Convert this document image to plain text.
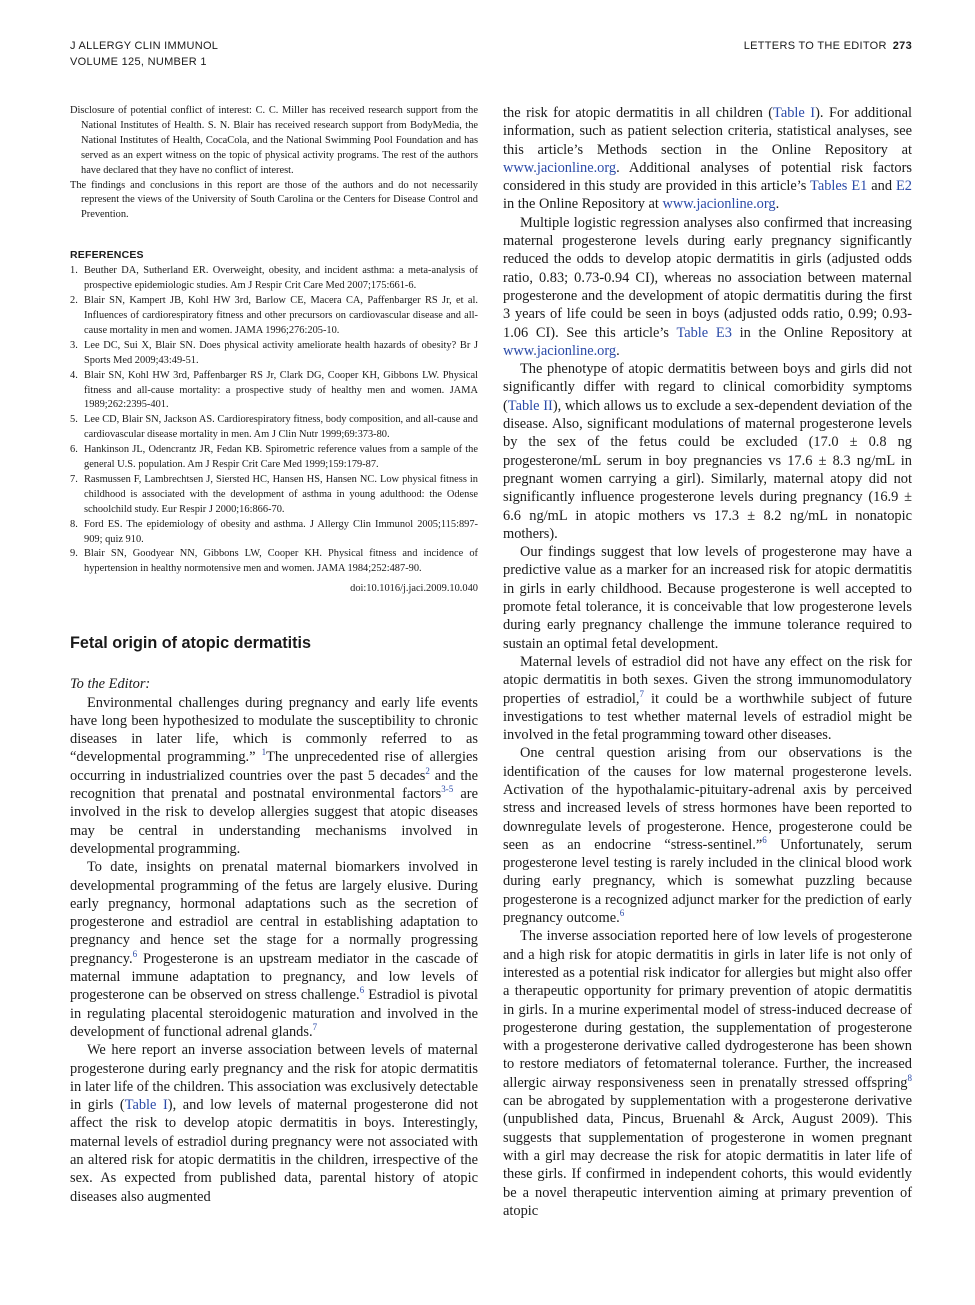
J ALLERGY CLIN IMMUNOL
VOLUME 125, NUMBER 1
LETTERS TO THE EDITOR 273

Disclosure of potential conflict of interest: C. C. Miller has received research support from the National Institutes of Health. S. N. Blair has received research support from BodyMedia, the National Institutes of Health, CocaCola, and the National Swimming Pool Foundation and has served as an expert witness on the topic of physical activity programs. The rest of the authors have declared that they have no conflict of interest.

The findings and conclusions in this report are those of the authors and do not necessarily represent the views of the University of South Carolina or the Centers for Disease Control and Prevention.

REFERENCES
1. Beuther DA, Sutherland ER. Overweight, obesity, and incident asthma: a meta-analysis of prospective epidemiologic studies. Am J Respir Crit Care Med 2007;175:661-6.
2. Blair SN, Kampert JB, Kohl HW 3rd, Barlow CE, Macera CA, Paffenbarger RS Jr, et al. Influences of cardiorespiratory fitness and other precursors on cardiovascular disease and all-cause mortality in men and women. JAMA 1996;276:205-10.
3. Lee DC, Sui X, Blair SN. Does physical activity ameliorate health hazards of obesity? Br J Sports Med 2009;43:49-51.
4. Blair SN, Kohl HW 3rd, Paffenbarger RS Jr, Clark DG, Cooper KH, Gibbons LW. Physical fitness and all-cause mortality: a prospective study of healthy men and women. JAMA 1989;262:2395-401.
5. Lee CD, Blair SN, Jackson AS. Cardiorespiratory fitness, body composition, and all-cause and cardiovascular disease mortality in men. Am J Clin Nutr 1999;69:373-80.
6. Hankinson JL, Odencrantz JR, Fedan KB. Spirometric reference values from a sample of the general U.S. population. Am J Respir Crit Care Med 1999;159:179-87.
7. Rasmussen F, Lambrechtsen J, Siersted HC, Hansen HS, Hansen NC. Low physical fitness in childhood is associated with the development of asthma in young adulthood: the Odense schoolchild study. Eur Respir J 2000;16:866-70.
8. Ford ES. The epidemiology of obesity and asthma. J Allergy Clin Immunol 2005;115:897-909; quiz 910.
9. Blair SN, Goodyear NN, Gibbons LW, Cooper KH. Physical fitness and incidence of hypertension in healthy normotensive men and women. JAMA 1984;252:487-90.
doi:10.1016/j.jaci.2009.10.040
Fetal origin of atopic dermatitis
To the Editor:

Environmental challenges during pregnancy and early life events have long been hypothesized to modulate the susceptibility to chronic diseases in later life, which is commonly referred to as “developmental programming.” $^1$The unprecedented rise of allergies occurring in industrialized countries over the past 5 decades$^2$ and the recognition that prenatal and postnatal environmental factors$^{3-5}$ are involved in the risk to develop allergies suggest that atopic diseases may be central in understanding mechanisms involved in developmental programming.

To date, insights on prenatal maternal biomarkers involved in developmental programming of the fetus are largely elusive. During early pregnancy, hormonal adaptations such as the secretion of progesterone and estradiol are central in establishing adaptation to pregnancy and hence set the stage for a normally progressing pregnancy.$^6$ Progesterone is an upstream mediator in the cascade of maternal immune adaptation to pregnancy, and low levels of progesterone can be observed on stress challenge.$^6$ Estradiol is pivotal in regulating placental steroidogenic maturation and involved in the development of functional adrenal glands.$^7$

We here report an inverse association between levels of maternal progesterone during early pregnancy and the risk for atopic dermatitis in later life of the children. This association was exclusively detectable in girls (Table I), and low levels of maternal progesterone did not affect the risk to develop atopic dermatitis in boys. Interestingly, maternal levels of estradiol during pregnancy were not associated with an altered risk for atopic dermatitis in the children, irrespective of the sex. As expected from published data, parental history of atopic diseases also augmented

the risk for atopic dermatitis in all children (Table I). For additional information, such as patient selection criteria, statistical analyses, see this article’s Methods section in the Online Repository at www.jacionline.org. Additional analyses of potential risk factors considered in this study are provided in this article’s Tables E1 and E2 in the Online Repository at www.jacionline.org.

Multiple logistic regression analyses also confirmed that increasing maternal progesterone levels during early pregnancy significantly reduced the odds to develop atopic dermatitis in girls (adjusted odds ratio, 0.83; 0.73-0.94 CI), whereas no association between maternal progesterone and the development of atopic dermatitis during the first 3 years of life could be seen in boys (adjusted odds ratio, 0.99; 0.93-1.06 CI). See this article’s Table E3 in the Online Repository at www.jacionline.org.

The phenotype of atopic dermatitis between boys and girls did not significantly differ with regard to clinical comorbidity symptoms (Table II), which allows us to exclude a sex-dependent deviation of the disease. Also, significant modulations of maternal progesterone levels by the sex of the fetus could be excluded (17.0 ± 0.8 ng progesterone/mL serum in boy pregnancies vs 17.6 ± 8.3 ng/mL in pregnant women carrying a girl). Similarly, maternal atopy did not significantly influence progesterone levels during pregnancy (16.9 ± 6.6 ng/mL in atopic mothers vs 17.3 ± 8.2 ng/mL in nonatopic mothers).

Our findings suggest that low levels of progesterone may have a predictive value as a marker for an increased risk for atopic dermatitis in girls in early childhood. Because progesterone is well accepted to promote fetal tolerance, it is conceivable that low progesterone levels during early pregnancy challenge the immune tolerance required to sustain an optimal fetal development.

Maternal levels of estradiol did not have any effect on the risk for atopic dermatitis in both sexes. Given the strong immunomodulatory properties of estradiol,$^7$ it could be a worthwhile subject of future investigations to test whether maternal levels of estradiol might be involved in the fetal programming toward other diseases.

One central question arising from our observations is the identification of the causes for low maternal progesterone levels. Activation of the hypothalamic-pituitary-adrenal axis by perceived stress and increased levels of stress hormones have been reported to downregulate levels of progesterone. Hence, progesterone could be seen as an endocrine “stress-sentinel.”$^6$ Unfortunately, serum progesterone level testing is rarely included in the clinical blood work during early pregnancy, which is somewhat puzzling because progesterone is a recognized adjunct marker for the prediction of early pregnancy outcome.$^6$

The inverse association reported here of low levels of progesterone and a high risk for atopic dermatitis in girls in later life is not only of interested as a potential risk indicator for allergies but might also offer a therapeutic opportunity for primary prevention of atopic dermatitis in girls. In a murine experimental model of stress-induced decrease of progesterone during gestation, the supplementation of progesterone with a progesterone derivative called dydrogesterone has been shown to restore mediators of fetomaternal tolerance. Further, the increased allergic airway responsiveness seen in prenatally stressed offspring$^8$ can be abrogated by supplementation with a progesterone derivative (unpublished data, Pincus, Bruenahl & Arck, August 2009). This suggests that supplementation of progesterone in women pregnant with a girl may decrease the risk for atopic dermatitis in later life of these girls. If confirmed in independent cohorts, this would evidently be a novel therapeutic intervention aiming at primary prevention of atopic
